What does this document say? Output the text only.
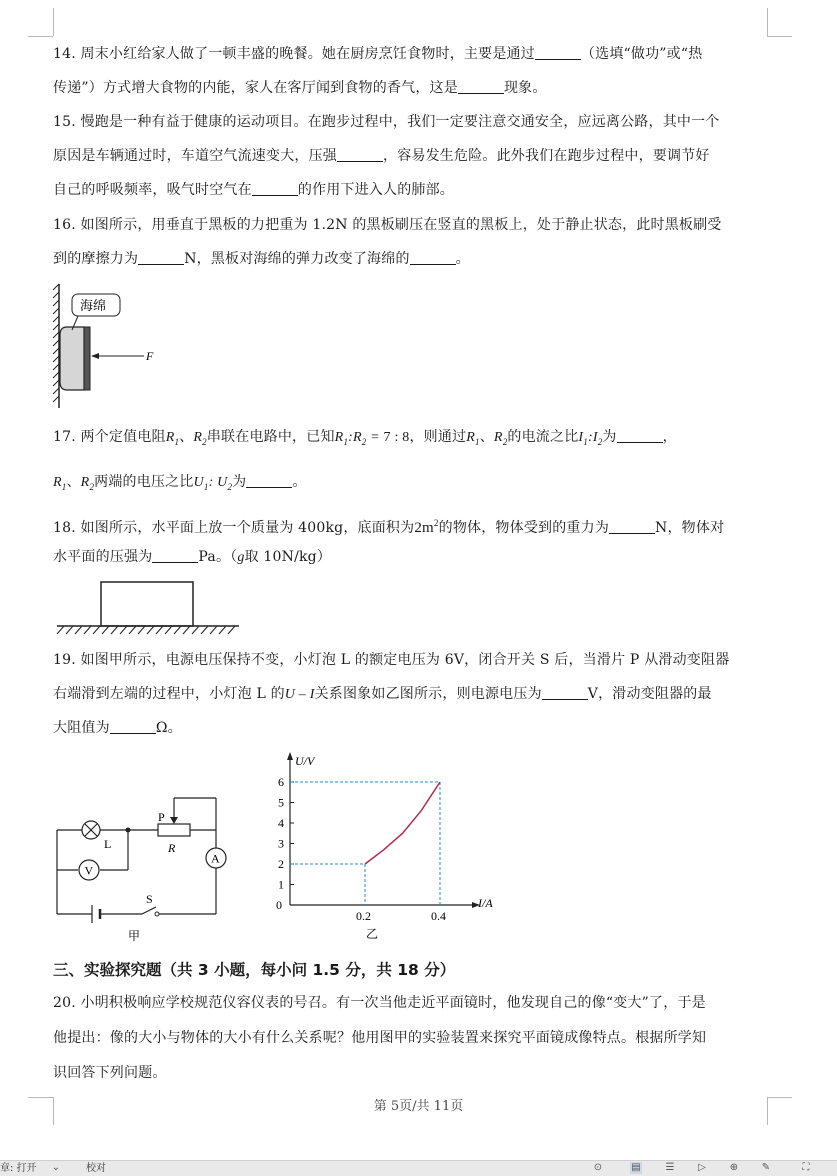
14. 周末小红给家人做了一顿丰盛的晚餐。她在厨房烹饪食物时，主要是通过	（选填“做功”或“热
传递”）方式增大食物的内能，家人在客厅闻到食物的香气，这是	现象。
15. 慢跑是一种有益于健康的运动项目。在跑步过程中，我们一定要注意交通安全，应远离公路，其中一个
原因是车辆通过时，车道空气流速变大，压强	，容易发生危险。此外我们在跑步过程中，要调节好
自己的呼吸频率，吸气时空气在	的作用下进入人的肺部。
16. 如图所示，用垂直于黑板的力把重为 1.2N 的黑板刷压在竖直的黑板上，处于静止状态，此时黑板刷受
到的摩擦力为	N，黑板对海绵的弹力改变了海绵的	。
海绵
F
17. 两个定值电阻$R_1$、$R_2$串联在电路中，已知$R_1:R_2 = 7$ : 8，则通过$R_1$、$R_2$的电流之比$I_1:I_2$为	，
$R_1$、$R_2$两端的电压之比$U_1$: $U_2$为	。
18. 如图所示，水平面上放一个质量为 400kg，底面积为$2m^2$的物体，物体受到的重力为	N，物体对
水平面的压强为	Pa。（g取 10N/kg）
19. 如图甲所示，电源电压保持不变，小灯泡 L 的额定电压为 6V，闭合开关 S 后，当滑片 P 从滑动变阻器
右端滑到左端的过程中，小灯泡 L 的U – I关系图象如乙图所示，则电源电压为	V，滑动变阻器的最
大阻值为	Ω。
A
V
L
P
R
S
甲
U/V
I/A
0
1
2
3
4
5
6
0.2	0.4
乙
三、实验探究题（共 3 小题，每小问 1.5 分，共 18 分）
20. 小明积极响应学校规范仪容仪表的号召。有一次当他走近平面镜时，他发现自己的像“变大”了，于是
他提出：像的大小与物体的大小有什么关系呢？他用图甲的实验装置来探究平面镜成像特点。根据所学知
识回答下列问题。
第 5页/共 11页
章: 打开 ⌄	校对	⊙	▤ ☰ ▷ ⊕ ✎	⛶
